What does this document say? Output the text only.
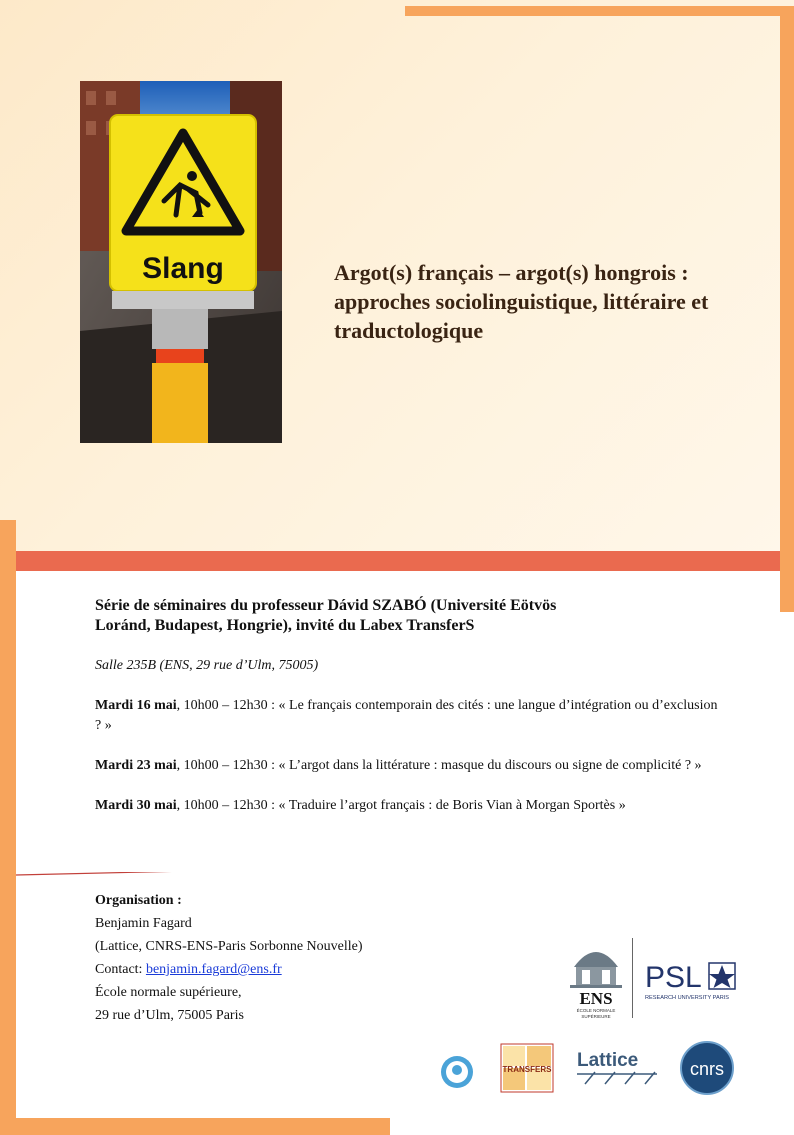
Slang	Argot(s) français – argot(s) hongrois :
approches sociolinguistique, littéraire et
traductologique
Série de séminaires du professeur Dávid SZABÓ (Université Eötvös
Loránd, Budapest, Hongrie), invité du Labex TransferS
Salle 235B (ENS, 29 rue d’Ulm, 75005)
Mardi 16 mai, 10h00 – 12h30 : « Le français contemporain des cités : une langue d’intégration ou d’exclusion ? »
Mardi 23 mai, 10h00 – 12h30 : « L’argot dans la littérature : masque du discours ou signe de complicité ? »
Mardi 30 mai, 10h00 – 12h30 : « Traduire l’argot français : de Boris Vian à Morgan Sportès »
Organisation :
Benjamin Fagard
(Lattice, CNRS-ENS-Paris Sorbonne Nouvelle)
Contact: benjamin.fagard@ens.fr
École normale supérieure,
29 rue d’Ulm, 75005 Paris
ENS
ÉCOLE NORMALE
SUPÉRIEURE
PSL
RESEARCH UNIVERSITY PARIS
TRANSFERS Lattice	cnrs
